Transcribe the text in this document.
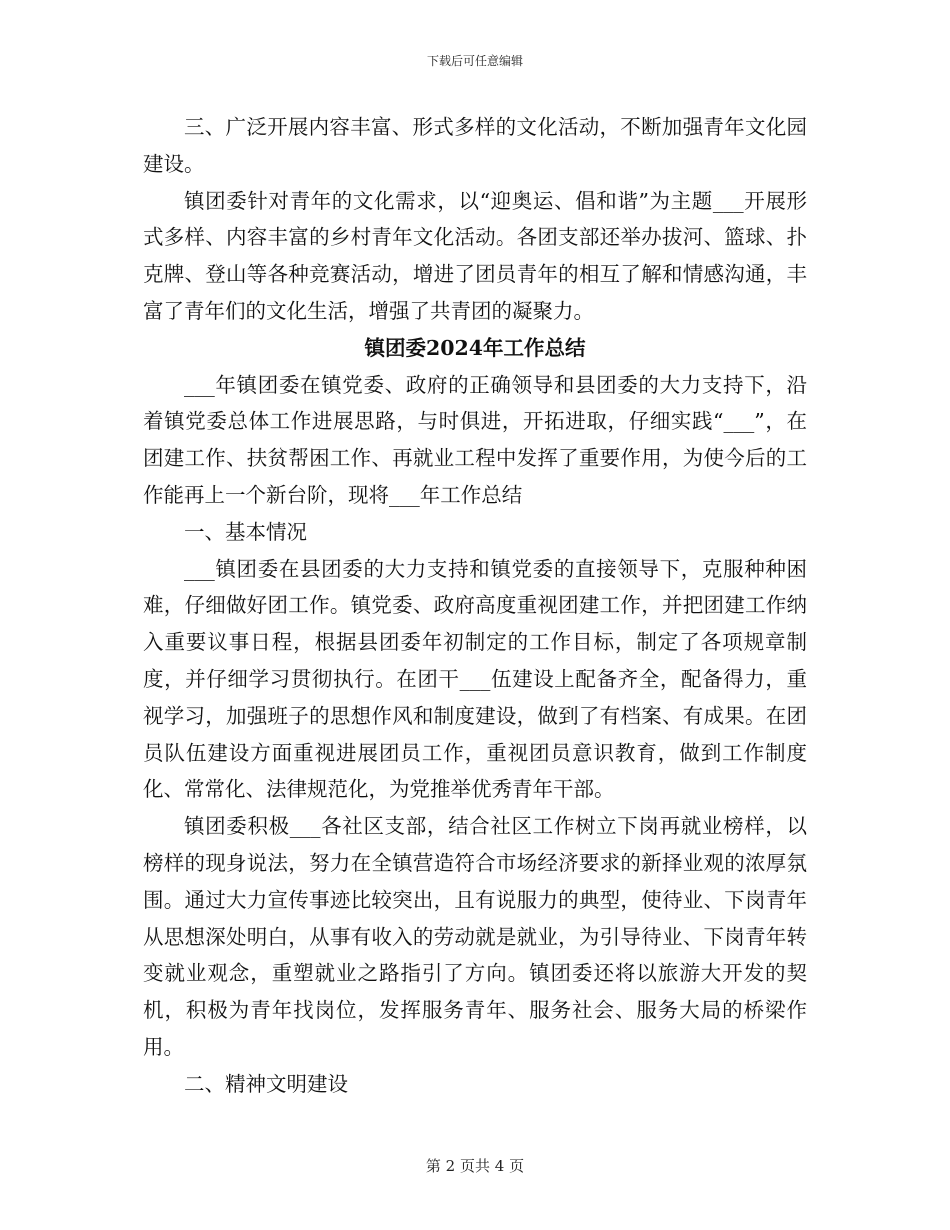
下载后可任意编辑

三、广泛开展内容丰富、形式多样的文化活动，不断加强青年文化园建设。

镇团委针对青年的文化需求，以“迎奥运、倡和谐”为主题___开展形式多样、内容丰富的乡村青年文化活动。各团支部还举办拔河、篮球、扑克牌、登山等各种竞赛活动，增进了团员青年的相互了解和情感沟通，丰富了青年们的文化生活，增强了共青团的凝聚力。

镇团委2024年工作总结

___年镇团委在镇党委、政府的正确领导和县团委的大力支持下，沿着镇党委总体工作进展思路，与时俱进，开拓进取，仔细实践“___”，在团建工作、扶贫帮困工作、再就业工程中发挥了重要作用，为使今后的工作能再上一个新台阶，现将___年工作总结

一、基本情况

___镇团委在县团委的大力支持和镇党委的直接领导下，克服种种困难，仔细做好团工作。镇党委、政府高度重视团建工作，并把团建工作纳入重要议事日程，根据县团委年初制定的工作目标，制定了各项规章制度，并仔细学习贯彻执行。在团干___伍建设上配备齐全，配备得力，重视学习，加强班子的思想作风和制度建设，做到了有档案、有成果。在团员队伍建设方面重视进展团员工作，重视团员意识教育，做到工作制度化、常常化、法律规范化，为党推举优秀青年干部。

镇团委积极___各社区支部，结合社区工作树立下岗再就业榜样，以榜样的现身说法，努力在全镇营造符合市场经济要求的新择业观的浓厚氛围。通过大力宣传事迹比较突出，且有说服力的典型，使待业、下岗青年从思想深处明白，从事有收入的劳动就是就业，为引导待业、下岗青年转变就业观念，重塑就业之路指引了方向。镇团委还将以旅游大开发的契机，积极为青年找岗位，发挥服务青年、服务社会、服务大局的桥梁作用。

二、精神文明建设

第 2 页共 4 页
